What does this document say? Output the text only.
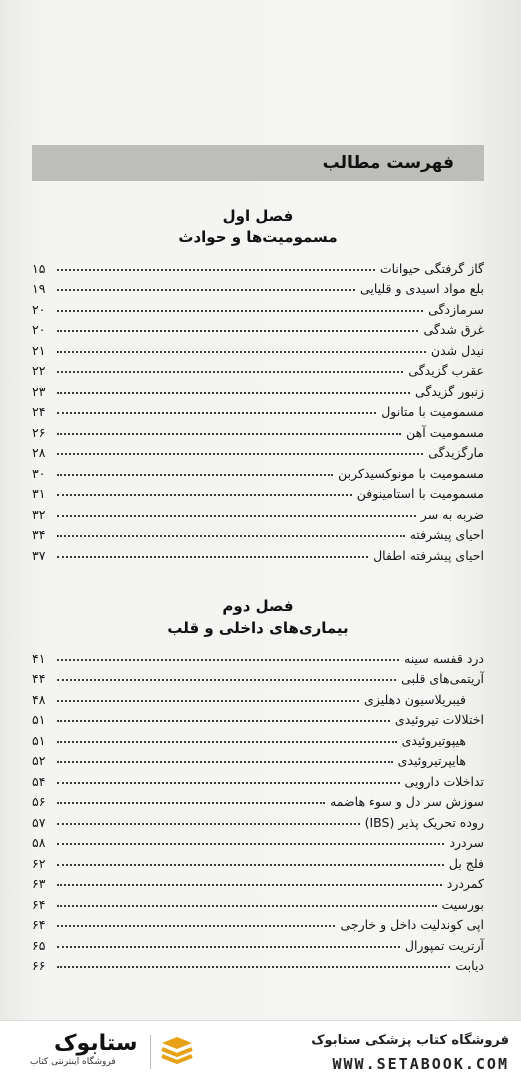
فهرست مطالب
فصل اول
مسمومیت‌ها و حوادث
گاز گرفتگی حیوانات
۱۵
بلع مواد اسیدی و قلیایی
۱۹
سرمازدگی
۲۰
غرق شدگی
۲۰
نیدل شدن
۲۱
عقرب گزیدگی
۲۲
زنبور گزیدگی
۲۳
مسمومیت با متانول
۲۴
مسمومیت آهن
۲۶
مارگزیدگی
۲۸
مسمومیت با مونوکسیدکربن
۳۰
مسمومیت با استامینوفن
۳۱
ضربه به سر
۳۲
احیای پیشرفته
۳۴
احیای پیشرفته اطفال
۳۷
فصل دوم
بیماری‌های داخلی و قلب
درد قفسه سینه
۴۱
آریتمی‌های قلبی
۴۴
فیبریلاسیون دهلیزی
۴۸
اختلالات تیروئیدی
۵۱
هیپوتیروئیدی
۵۱
هایپرتیروئیدی
۵۲
تداخلات دارویی
۵۴
سوزش سر دل و سوء هاضمه
۵۶
روده تحریک پذیر (IBS)
۵۷
سردرد
۵۸
فلج بل
۶۲
کمردرد
۶۳
بورسیت
۶۴
اپی کوندلیت داخل و خارجی
۶۴
آرتریت تمپورال
۶۵
دیابت
۶۶
ستابوک
فروشگاه اینترنتی کتاب
فروشگاه کتاب پزشکی ستابوک
WWW.SETABOOK.COM
